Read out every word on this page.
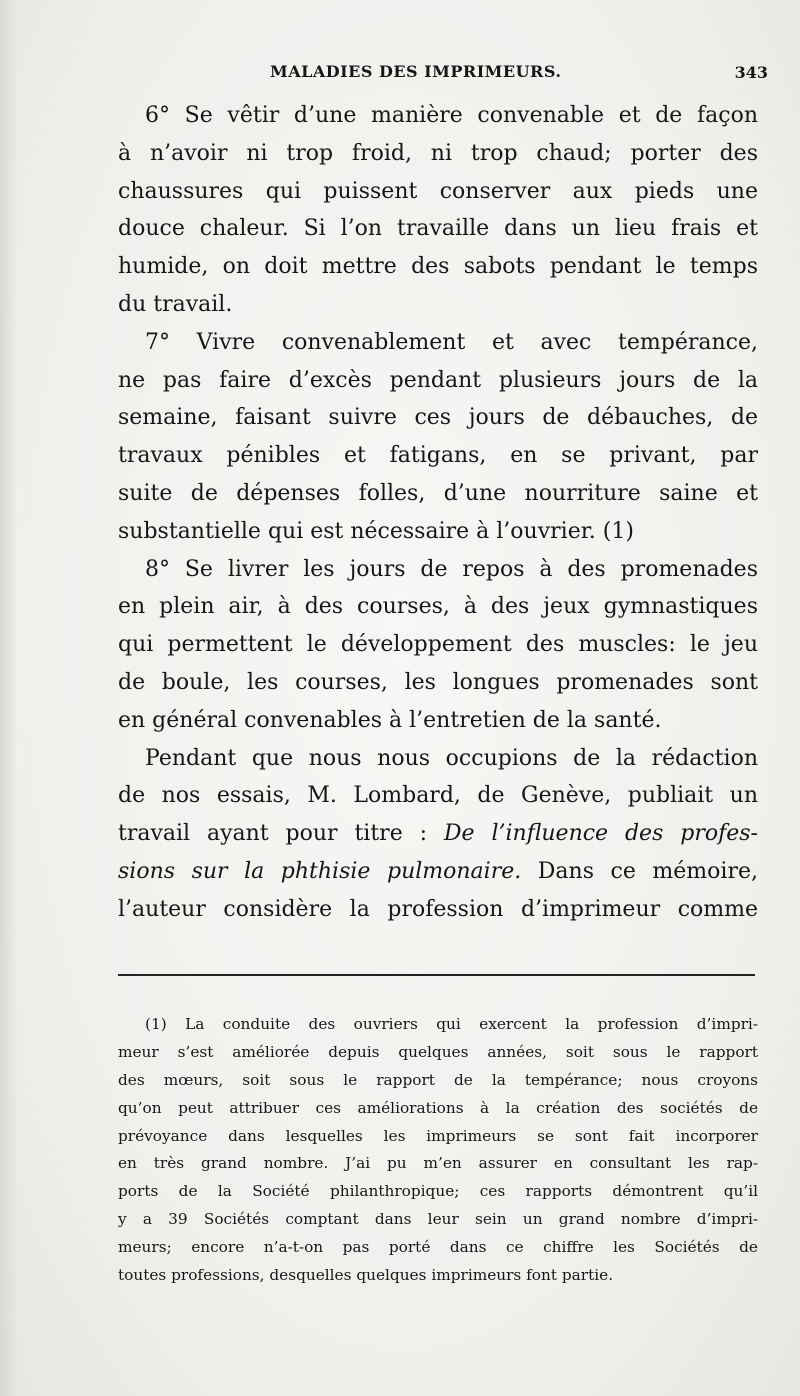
MALADIES DES IMPRIMEURS.	343
6° Se vêtir d’une manière convenable et de façon
à n’avoir ni trop froid, ni trop chaud; porter des
chaussures qui puissent conserver aux pieds une
douce chaleur. Si l’on travaille dans un lieu frais et
humide, on doit mettre des sabots pendant le temps
du travail.
7° Vivre convenablement et avec tempérance,
ne pas faire d’excès pendant plusieurs jours de la
semaine, faisant suivre ces jours de débauches, de
travaux pénibles et fatigans, en se privant, par
suite de dépenses folles, d’une nourriture saine et
substantielle qui est nécessaire à l’ouvrier. (1)
8° Se livrer les jours de repos à des promenades
en plein air, à des courses, à des jeux gymnastiques
qui permettent le développement des muscles: le jeu
de boule, les courses, les longues promenades sont
en général convenables à l’entretien de la santé.
Pendant que nous nous occupions de la rédaction
de nos essais, M. Lombard, de Genève, publiait un
travail ayant pour titre : De l’influence des profes-
sions sur la phthisie pulmonaire. Dans ce mémoire,
l’auteur considère la profession d’imprimeur comme
(1) La conduite des ouvriers qui exercent la profession d’impri-
meur s’est améliorée depuis quelques années, soit sous le rapport
des mœurs, soit sous le rapport de la tempérance; nous croyons
qu’on peut attribuer ces améliorations à la création des sociétés de
prévoyance dans lesquelles les imprimeurs se sont fait incorporer
en très grand nombre. J’ai pu m’en assurer en consultant les rap-
ports de la Société philanthropique; ces rapports démontrent qu’il
y a 39 Sociétés comptant dans leur sein un grand nombre d’impri-
meurs; encore n’a-t-on pas porté dans ce chiffre les Sociétés de
toutes professions, desquelles quelques imprimeurs font partie.
